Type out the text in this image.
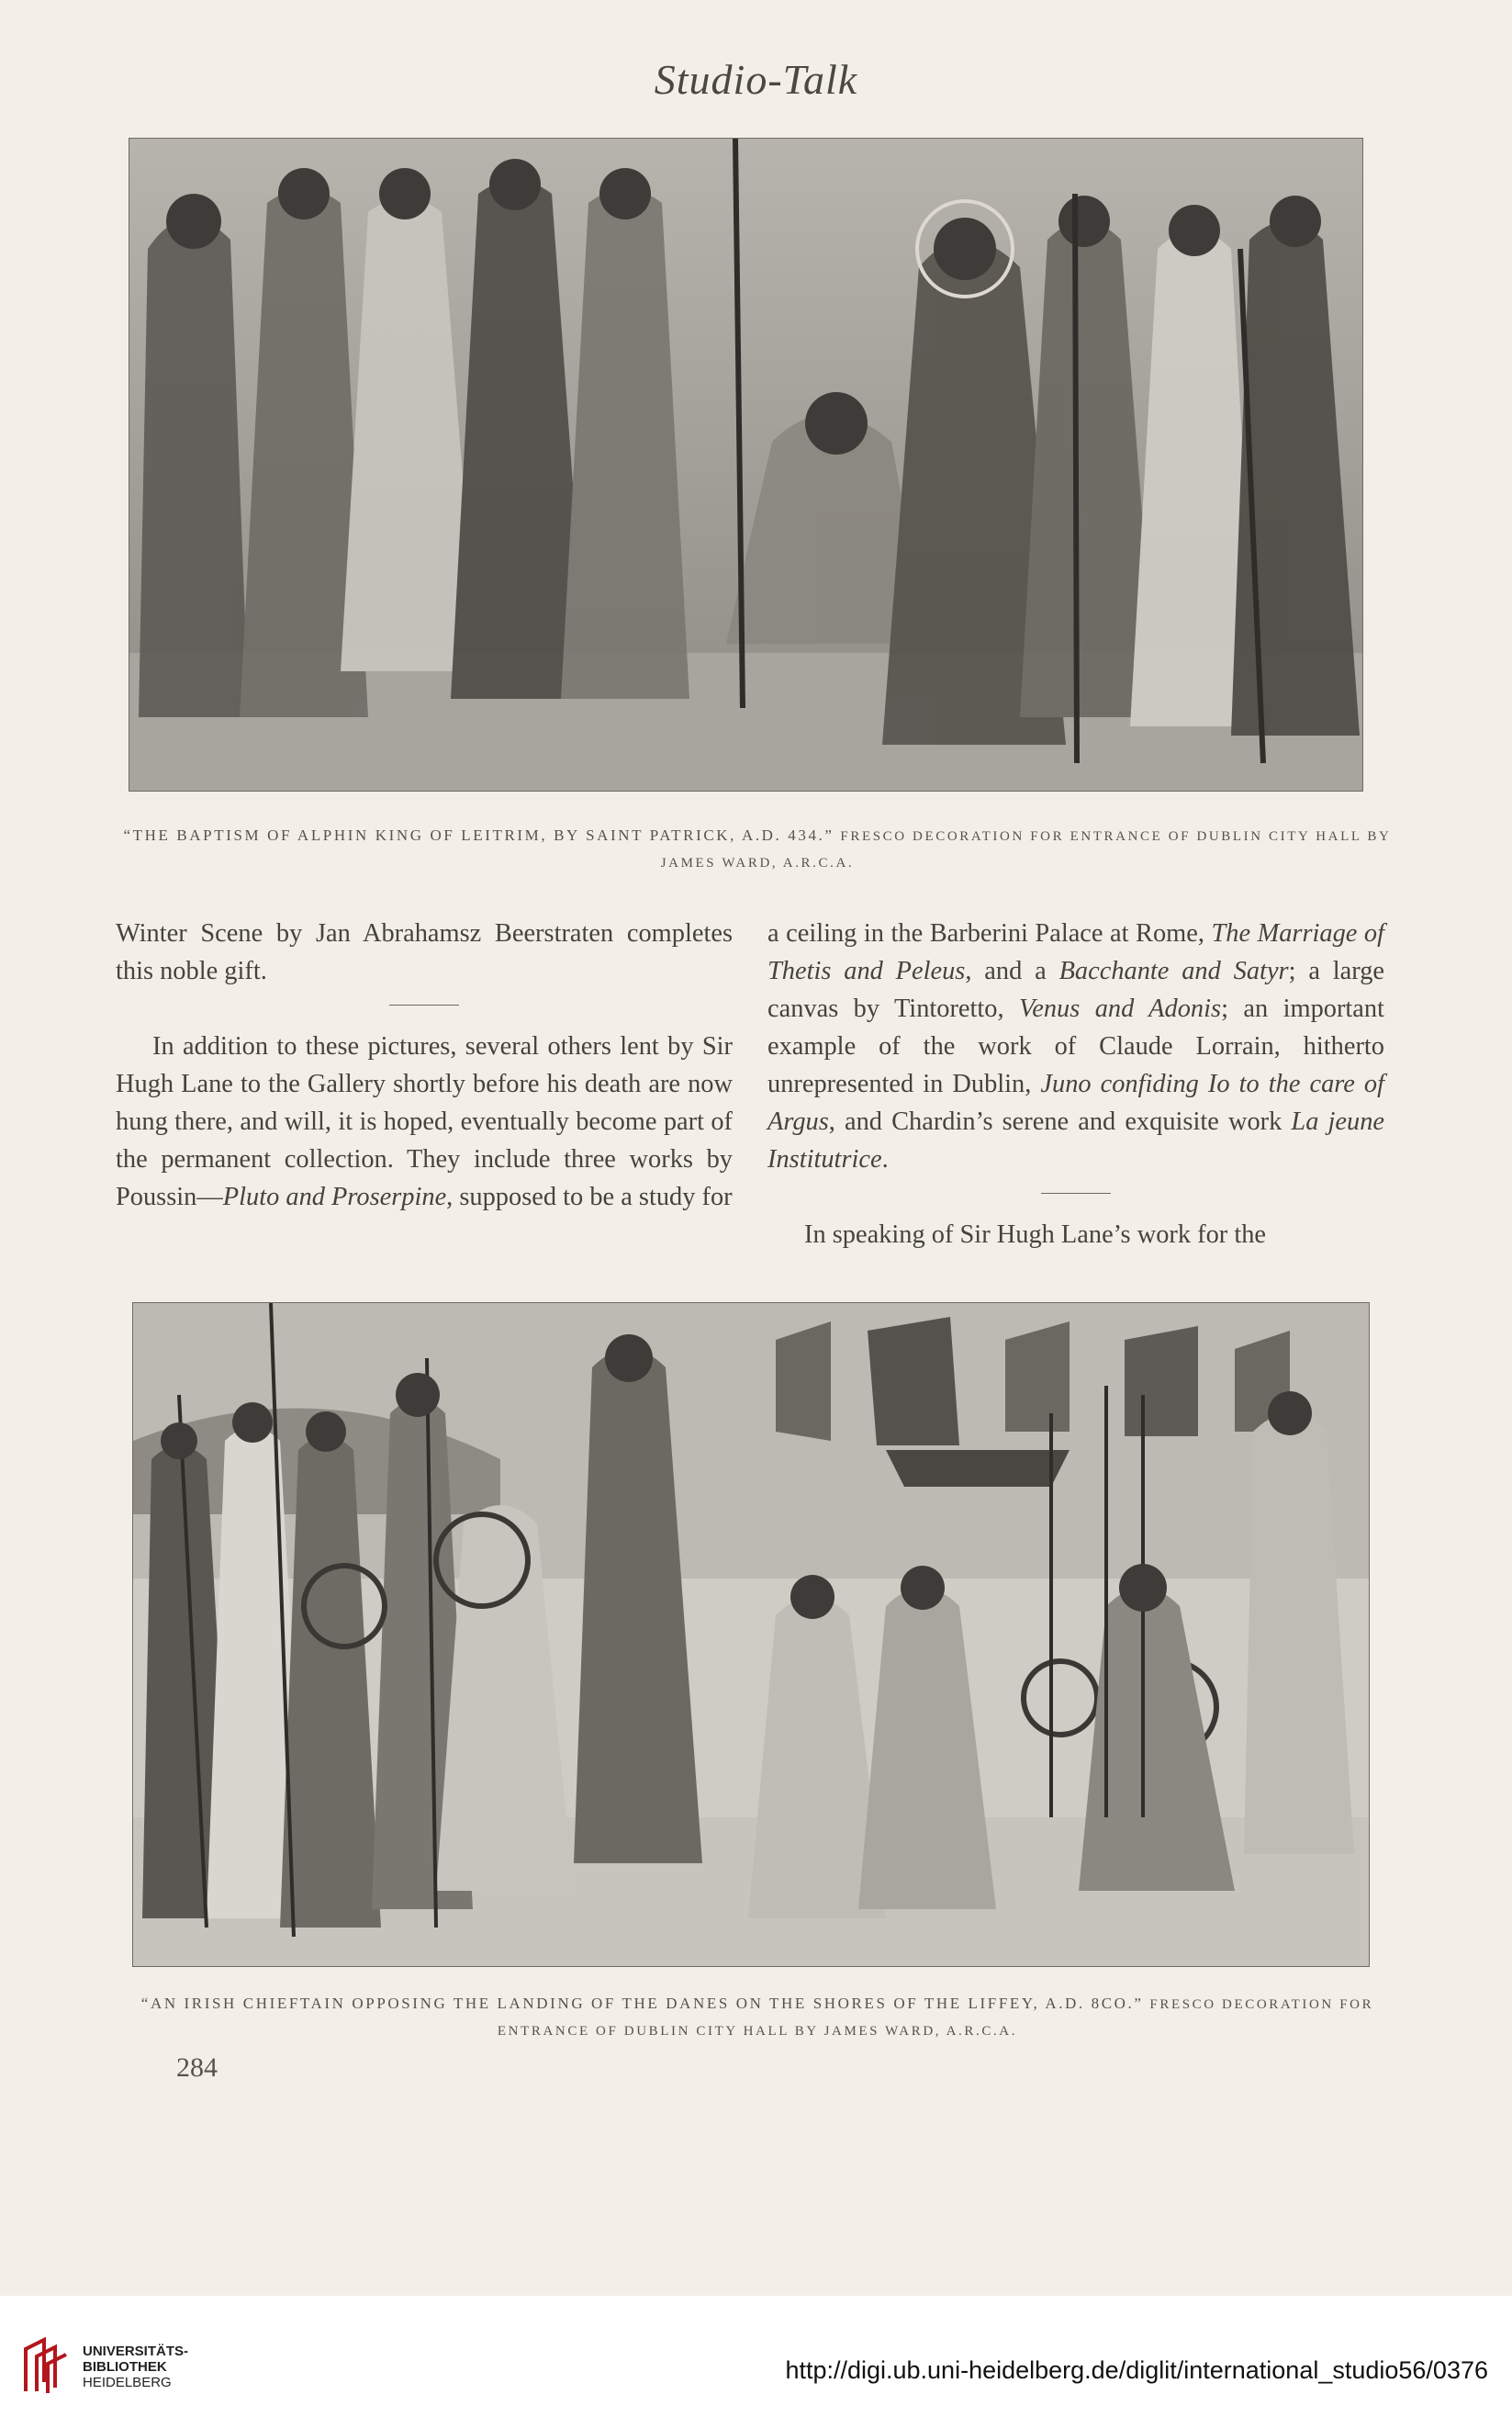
Studio-Talk
“THE BAPTISM OF ALPHIN KING OF LEITRIM, BY SAINT PATRICK, A.D. 434.” FRESCO DECORATION FOR ENTRANCE OF DUBLIN CITY HALL BY JAMES WARD, A.R.C.A.

Winter Scene by Jan Abrahamsz Beerstraten completes this noble gift.

In addition to these pictures, several others lent by Sir Hugh Lane to the Gallery shortly before his death are now hung there, and will, it is hoped, eventually become part of the permanent collection. They include three works by Poussin—Pluto and Proserpine, supposed to be a study for

a ceiling in the Barberini Palace at Rome, The Marriage of Thetis and Peleus, and a Bacchante and Satyr; a large canvas by Tintoretto, Venus and Adonis; an important example of the work of Claude Lorrain, hitherto unrepresented in Dublin, Juno confiding Io to the care of Argus, and Chardin’s serene and exquisite work La jeune Institutrice.

In speaking of Sir Hugh Lane’s work for the

“AN IRISH CHIEFTAIN OPPOSING THE LANDING OF THE DANES ON THE SHORES OF THE LIFFEY, A.D. 8CO.” FRESCO DECORATION FOR ENTRANCE OF DUBLIN CITY HALL BY JAMES WARD, A.R.C.A.
284
UNIVERSITÄTS-
BIBLIOTHEK
HEIDELBERG	http://digi.ub.uni-heidelberg.de/diglit/international_studio56/0376
